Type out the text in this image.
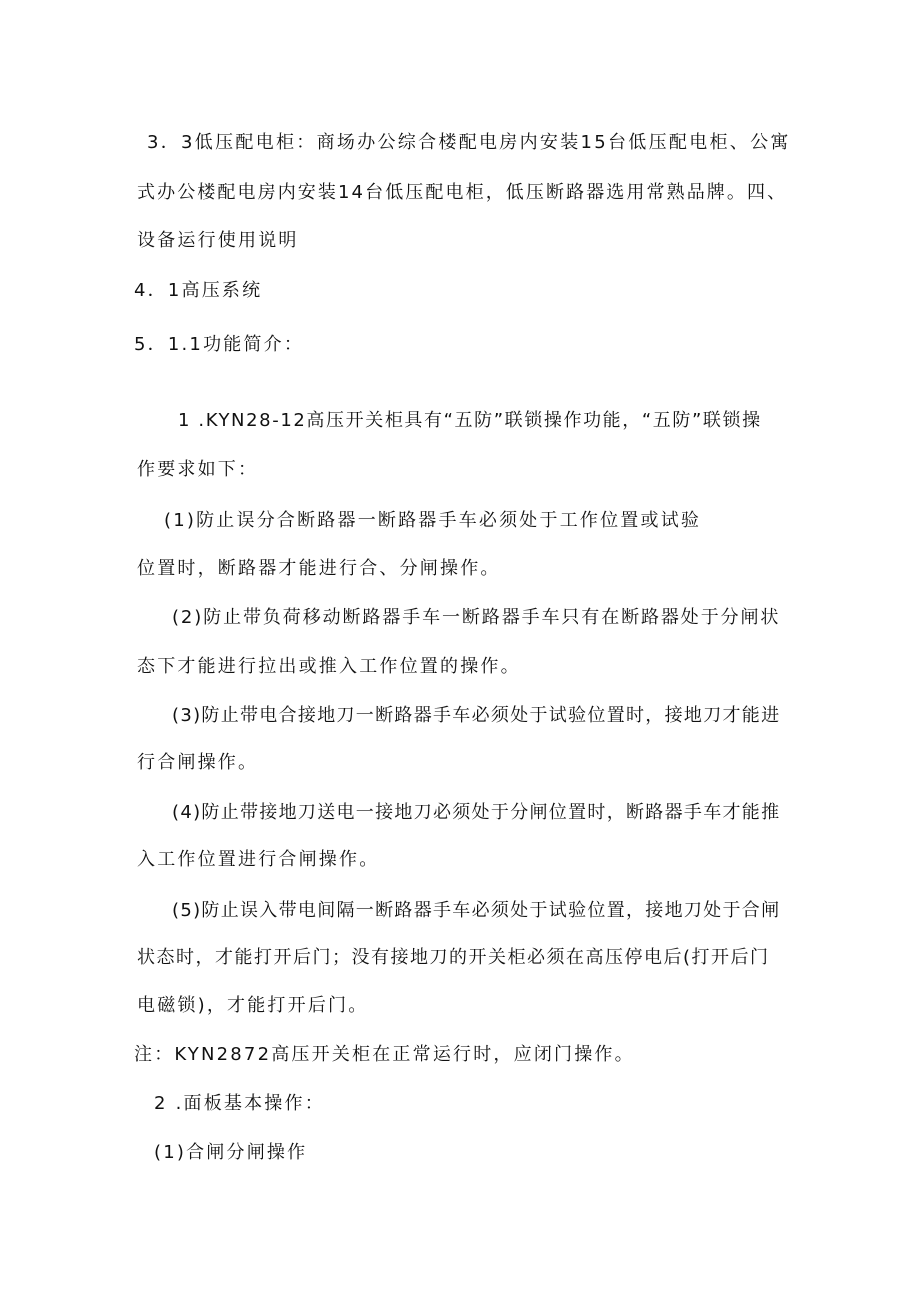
3．3低压配电柜：商场办公综合楼配电房内安装15台低压配电柜、公寓
式办公楼配电房内安装14台低压配电柜，低压断路器选用常熟品牌。四、
设备运行使用说明
4．1高压系统
5．1.1功能简介：
1 .KYN28-12高压开关柜具有“五防”联锁操作功能，“五防”联锁操
作要求如下：
(1)防止误分合断路器一断路器手车必须处于工作位置或试验
位置时，断路器才能进行合、分闸操作。
(2)防止带负荷移动断路器手车一断路器手车只有在断路器处于分闸状
态下才能进行拉出或推入工作位置的操作。
(3)防止带电合接地刀一断路器手车必须处于试验位置时，接地刀才能进
行合闸操作。
(4)防止带接地刀送电一接地刀必须处于分闸位置时，断路器手车才能推
入工作位置进行合闸操作。
(5)防止误入带电间隔一断路器手车必须处于试验位置，接地刀处于合闸
状态时，才能打开后门；没有接地刀的开关柜必须在高压停电后(打开后门
电磁锁)，才能打开后门。
注：KYN2872高压开关柜在正常运行时，应闭门操作。
2 .面板基本操作：
(1)合闸分闸操作
